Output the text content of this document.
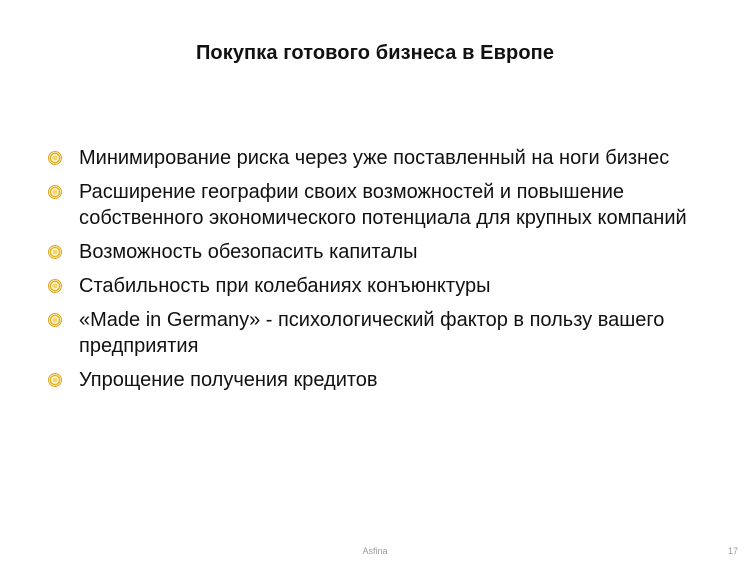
Покупка готового бизнеса в Европе
Минимирование риска через уже поставленный на ноги бизнес
Расширение географии своих возможностей и повышение собственного экономического потенциала для крупных компаний
Возможность обезопасить капиталы
Стабильность при колебаниях конъюнктуры
«Made in Germany» - психологический фактор в пользу вашего предприятия
Упрощение получения кредитов
Asfina	17
